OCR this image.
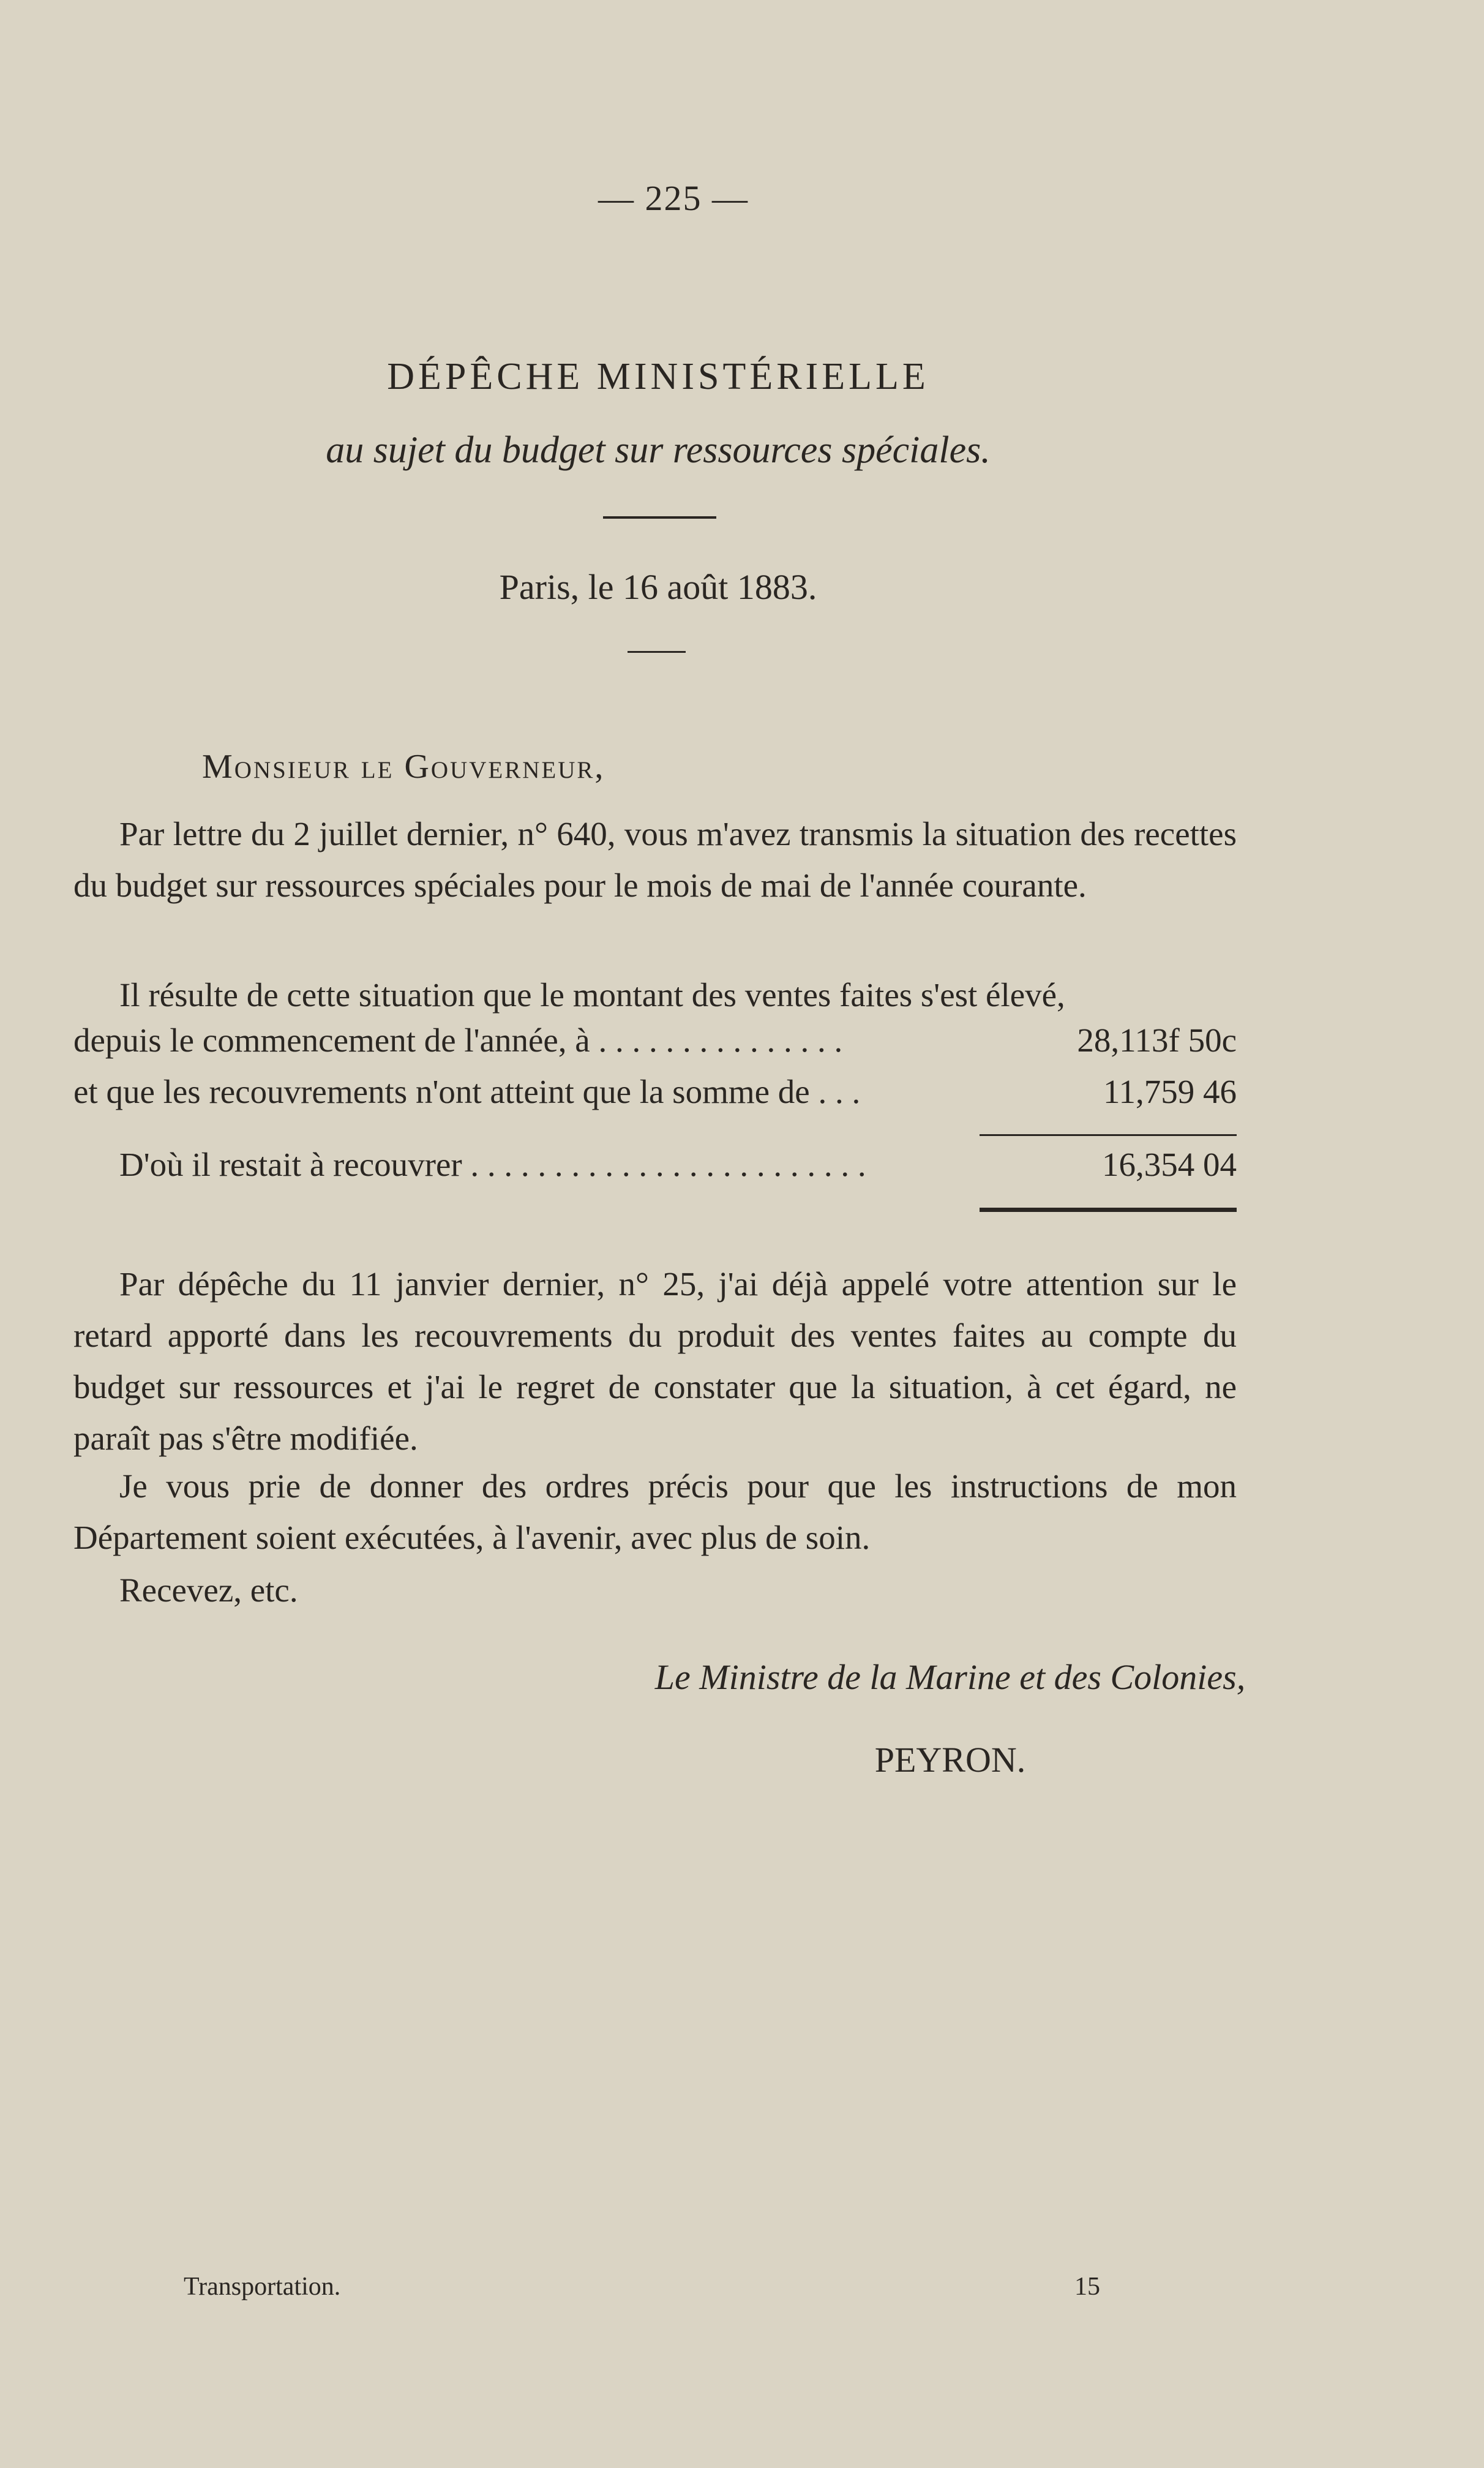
— 225 —
DÉPÊCHE MINISTÉRIELLE
au sujet du budget sur ressources spéciales.
Paris, le 16 août 1883.
Monsieur le Gouverneur,

Par lettre du 2 juillet dernier, n° 640, vous m'avez transmis la situation des recettes du budget sur ressources spéciales pour le mois de mai de l'année courante.

Il résulte de cette situation que le montant des ventes faites s'est élevé,

depuis le commencement de l'année, à . . . . . . . . . . . . . . .	28,113f 50c
et que les recouvrements n'ont atteint que la somme de . . .	11,759 46
D'où il restait à recouvrer . . . . . . . . . . . . . . . . . . . . . . . .	16,354 04

Par dépêche du 11 janvier dernier, n° 25, j'ai déjà appelé votre attention sur le retard apporté dans les recouvrements du produit des ventes faites au compte du budget sur ressources et j'ai le regret de constater que la situation, à cet égard, ne paraît pas s'être modifiée.

Je vous prie de donner des ordres précis pour que les instructions de mon Département soient exécutées, à l'avenir, avec plus de soin.

Recevez, etc.

Le Ministre de la Marine et des Colonies,
PEYRON.
Transportation.	15
